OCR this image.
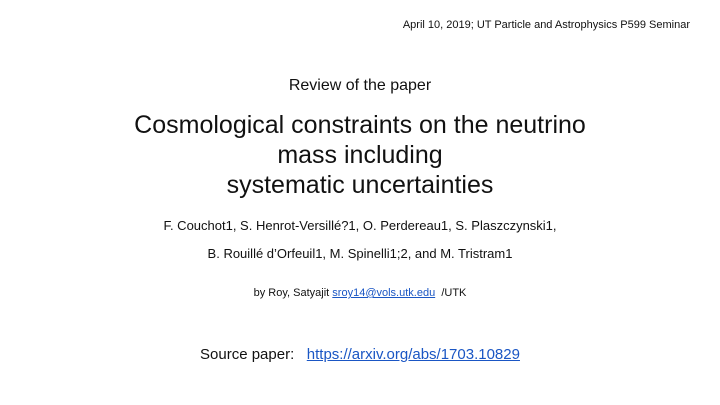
April 10, 2019; UT Particle and Astrophysics P599 Seminar
Review of the paper
Cosmological constraints on the neutrino
mass including
systematic uncertainties
F. Couchot1, S. Henrot-Versillé?1, O. Perdereau1, S. Plaszczynski1,
B. Rouillé d’Orfeuil1, M. Spinelli1;2, and M. Tristram1
by Roy, Satyajit sroy14@vols.utk.edu /UTK
Source paper: https://arxiv.org/abs/1703.10829
